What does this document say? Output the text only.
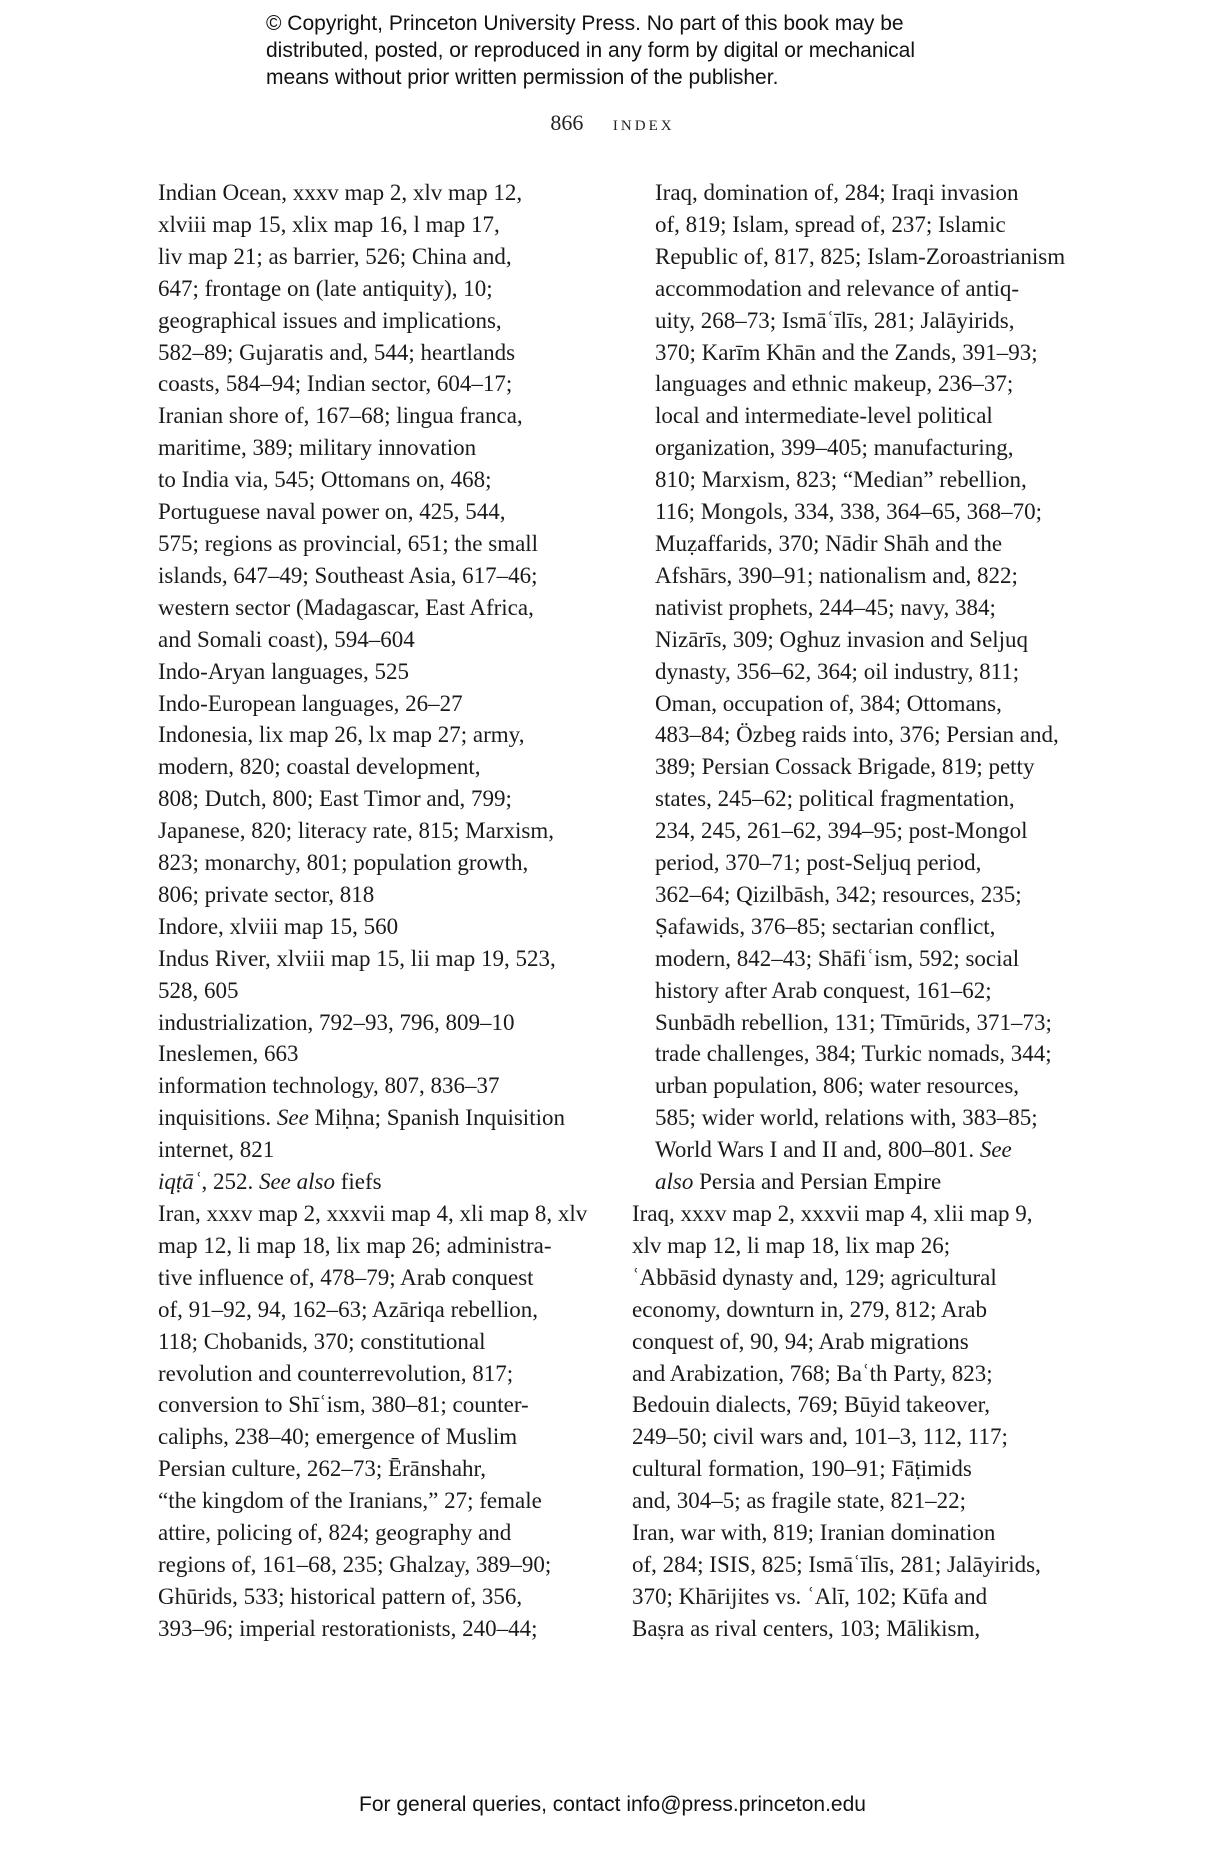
© Copyright, Princeton University Press. No part of this book may be
distributed, posted, or reproduced in any form by digital or mechanical
means without prior written permission of the publisher.
866 index
Indian Ocean, xxxv map 2, xlv map 12,
xlviii map 15, xlix map 16, l map 17,
liv map 21; as barrier, 526; China and,
647; frontage on (late antiquity), 10;
geographical issues and implications,
582–89; Gujaratis and, 544; heartlands
coasts, 584–94; Indian sector, 604–17;
Iranian shore of, 167–68; lingua franca,
maritime, 389; military innovation
to India via, 545; Ottomans on, 468;
Portuguese naval power on, 425, 544,
575; regions as provincial, 651; the small
islands, 647–49; Southeast Asia, 617–46;
western sector (Madagascar, East Africa,
and Somali coast), 594–604
Indo-Aryan languages, 525
Indo-European languages, 26–27
Indonesia, lix map 26, lx map 27; army,
modern, 820; coastal development,
808; Dutch, 800; East Timor and, 799;
Japanese, 820; literacy rate, 815; Marxism,
823; monarchy, 801; population growth,
806; private sector, 818
Indore, xlviii map 15, 560
Indus River, xlviii map 15, lii map 19, 523,
528, 605
industrialization, 792–93, 796, 809–10
Ineslemen, 663
information technology, 807, 836–37
inquisitions. See Miḥna; Spanish Inquisition
internet, 821
iqṭāʿ, 252. See also fiefs
Iran, xxxv map 2, xxxvii map 4, xli map 8, xlv
map 12, li map 18, lix map 26; administra-
tive influence of, 478–79; Arab conquest
of, 91–92, 94, 162–63; Azāriqa rebellion,
118; Chobanids, 370; constitutional
revolution and counterrevolution, 817;
conversion to Shīʿism, 380–81; counter-
caliphs, 238–40; emergence of Muslim
Persian culture, 262–73; Ērānshahr,
“the kingdom of the Iranians,” 27; female
attire, policing of, 824; geography and
regions of, 161–68, 235; Ghalzay, 389–90;
Ghūrids, 533; historical pattern of, 356,
393–96; imperial restorationists, 240–44;
Iraq, domination of, 284; Iraqi invasion
of, 819; Islam, spread of, 237; Islamic
Republic of, 817, 825; Islam-Zoroastrianism
accommodation and relevance of antiq-
uity, 268–73; Ismāʿīlīs, 281; Jalāyirids,
370; Karīm Khān and the Zands, 391–93;
languages and ethnic makeup, 236–37;
local and intermediate-level political
organization, 399–405; manufacturing,
810; Marxism, 823; “Median” rebellion,
116; Mongols, 334, 338, 364–65, 368–70;
Muẓaffarids, 370; Nādir Shāh and the
Afshārs, 390–91; nationalism and, 822;
nativist prophets, 244–45; navy, 384;
Nizārīs, 309; Oghuz invasion and Seljuq
dynasty, 356–62, 364; oil industry, 811;
Oman, occupation of, 384; Ottomans,
483–84; Özbeg raids into, 376; Persian and,
389; Persian Cossack Brigade, 819; petty
states, 245–62; political fragmentation,
234, 245, 261–62, 394–95; post-Mongol
period, 370–71; post-Seljuq period,
362–64; Qizilbāsh, 342; resources, 235;
Ṣafawids, 376–85; sectarian conflict,
modern, 842–43; Shāfiʿism, 592; social
history after Arab conquest, 161–62;
Sunbādh rebellion, 131; Tīmūrids, 371–73;
trade challenges, 384; Turkic nomads, 344;
urban population, 806; water resources,
585; wider world, relations with, 383–85;
World Wars I and II and, 800–801. See
also Persia and Persian Empire
Iraq, xxxv map 2, xxxvii map 4, xlii map 9,
xlv map 12, li map 18, lix map 26;
ʿAbbāsid dynasty and, 129; agricultural
economy, downturn in, 279, 812; Arab
conquest of, 90, 94; Arab migrations
and Arabization, 768; Baʿth Party, 823;
Bedouin dialects, 769; Būyid takeover,
249–50; civil wars and, 101–3, 112, 117;
cultural formation, 190–91; Fāṭimids
and, 304–5; as fragile state, 821–22;
Iran, war with, 819; Iranian domination
of, 284; ISIS, 825; Ismāʿīlīs, 281; Jalāyirids,
370; Khārijites vs. ʿAlī, 102; Kūfa and
Baṣra as rival centers, 103; Mālikism,
For general queries, contact info@press.princeton.edu
